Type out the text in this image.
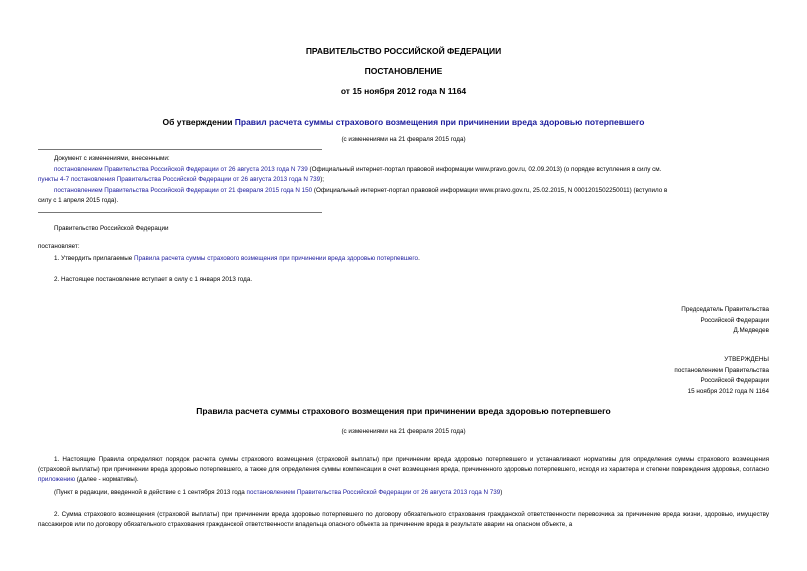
ПРАВИТЕЛЬСТВО РОССИЙСКОЙ ФЕДЕРАЦИИ
ПОСТАНОВЛЕНИЕ
от 15 ноября 2012 года N 1164
Об утверждении Правил расчета суммы страхового возмещения при причинении вреда здоровью потерпевшего
(с изменениями на 21 февраля 2015 года)
Документ с изменениями, внесенными:
постановлением Правительства Российской Федерации от 26 августа 2013 года N 739 (Официальный интернет-портал правовой информации www.pravo.gov.ru, 02.09.2013) (о порядке вступления в силу см.
пункты 4-7 постановления Правительства Российской Федерации от 26 августа 2013 года N 739);
постановлением Правительства Российской Федерации от 21 февраля 2015 года N 150 (Официальный интернет-портал правовой информации www.pravo.gov.ru, 25.02.2015, N 0001201502250011) (вступило в
силу с 1 апреля 2015 года).
Правительство Российской Федерации
постановляет:
1. Утвердить прилагаемые Правила расчета суммы страхового возмещения при причинении вреда здоровью потерпевшего.
2. Настоящее постановление вступает в силу с 1 января 2013 года.
Председатель Правительства
Российской Федерации
Д.Медведев
УТВЕРЖДЕНЫ
постановлением Правительства
Российской Федерации
15 ноября 2012 года N 1164
Правила расчета суммы страхового возмещения при причинении вреда здоровью потерпевшего
(с изменениями на 21 февраля 2015 года)
1. Настоящие Правила определяют порядок расчета суммы страхового возмещения (страховой выплаты) при причинении вреда здоровью потерпевшего и устанавливают нормативы для определения суммы страхового возмещения (страховой выплаты) при причинении вреда здоровью потерпевшего, а также для определения суммы компенсации в счет возмещения вреда, причиненного здоровью потерпевшего, исходя из характера и степени повреждения здоровья, согласно приложению (далее - нормативы).
(Пункт в редакции, введенной в действие с 1 сентября 2013 года постановлением Правительства Российской Федерации от 26 августа 2013 года N 739)
2. Сумма страхового возмещения (страховой выплаты) при причинении вреда здоровью потерпевшего по договору обязательного страхования гражданской ответственности перевозчика за причинение вреда жизни, здоровью, имуществу пассажиров или по договору обязательного страхования гражданской ответственности владельца опасного объекта за причинение вреда в результате аварии на опасном объекте, а
